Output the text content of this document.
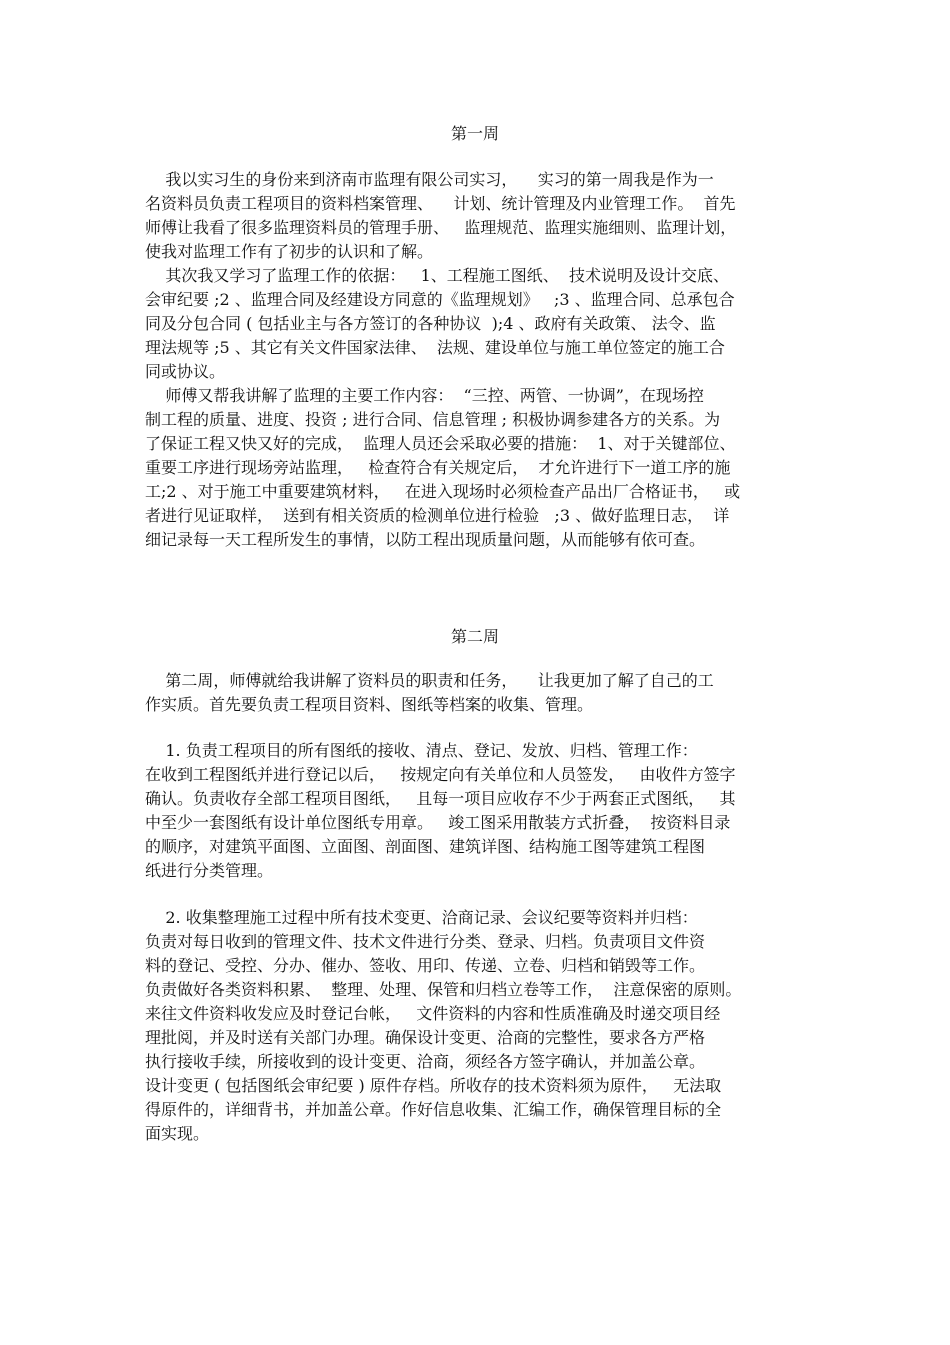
第一周
我以实习生的身份来到济南市监理有限公司实习，    实习的第一周我是作为一
名资料员负责工程项目的资料档案管理、    计划、统计管理及内业管理工作。  首先
师傅让我看了很多监理资料员的管理手册、   监理规范、监理实施细则、监理计划，
使我对监理工作有了初步的认识和了解。
其次我又学习了监理工作的依据：   1、工程施工图纸、  技术说明及设计交底、
会审纪要 ;2 、监理合同及经建设方同意的《监理规划》   ;3 、监理合同、总承包合
同及分包合同 ( 包括业主与各方签订的各种协议  );4 、政府有关政策、 法令、监
理法规等 ;5 、其它有关文件国家法律、  法规、建设单位与施工单位签定的施工合
同或协议。
师傅又帮我讲解了监理的主要工作内容：  “三控、两管、一协调”，在现场控
制工程的质量、进度、投资 ; 进行合同、信息管理 ; 积极协调参建各方的关系。为
了保证工程又快又好的完成，  监理人员还会采取必要的措施：  1、对于关键部位、
重要工序进行现场旁站监理，   检查符合有关规定后，  才允许进行下一道工序的施
工;2 、对于施工中重要建筑材料，   在进入现场时必须检查产品出厂合格证书，   或
者进行见证取样，  送到有相关资质的检测单位进行检验   ;3 、做好监理日志，  详
细记录每一天工程所发生的事情，以防工程出现质量问题，从而能够有依可查。
第二周
第二周，师傅就给我讲解了资料员的职责和任务，    让我更加了解了自己的工
作实质。首先要负责工程项目资料、图纸等档案的收集、管理。
1. 负责工程项目的所有图纸的接收、清点、登记、发放、归档、管理工作：
在收到工程图纸并进行登记以后，   按规定向有关单位和人员签发，   由收件方签字
确认。负责收存全部工程项目图纸，   且每一项目应收存不少于两套正式图纸，   其
中至少一套图纸有设计单位图纸专用章。   竣工图采用散装方式折叠，  按资料目录
的顺序，对建筑平面图、立面图、剖面图、建筑详图、结构施工图等建筑工程图
纸进行分类管理。
2. 收集整理施工过程中所有技术变更、洽商记录、会议纪要等资料并归档：
负责对每日收到的管理文件、技术文件进行分类、登录、归档。负责项目文件资
料的登记、受控、分办、催办、签收、用印、传递、立卷、归档和销毁等工作。
负责做好各类资料积累、  整理、处理、保管和归档立卷等工作，  注意保密的原则。
来往文件资料收发应及时登记台帐，   文件资料的内容和性质准确及时递交项目经
理批阅，并及时送有关部门办理。确保设计变更、洽商的完整性，要求各方严格
执行接收手续，所接收到的设计变更、洽商，须经各方签字确认，并加盖公章。
设计变更 ( 包括图纸会审纪要 ) 原件存档。所收存的技术资料须为原件，   无法取
得原件的，详细背书，并加盖公章。作好信息收集、汇编工作，确保管理目标的全
面实现。
